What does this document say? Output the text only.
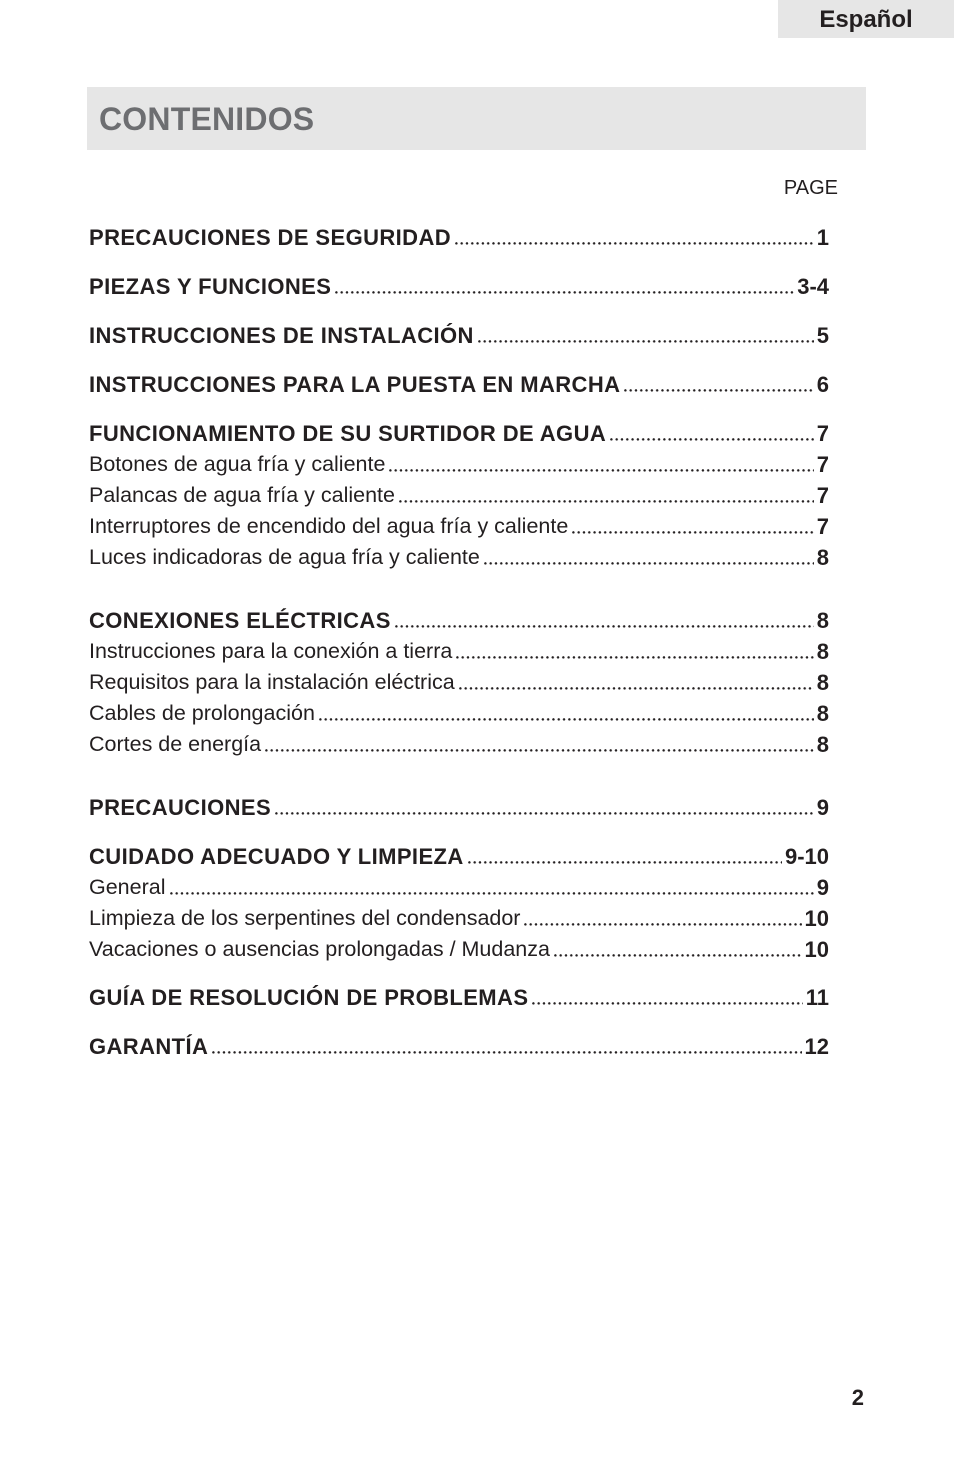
Español
CONTENIDOS
PAGE
PRECAUCIONES DE SEGURIDAD	1
PIEZAS Y FUNCIONES	3-4
INSTRUCCIONES DE INSTALACIÓN	5
INSTRUCCIONES PARA LA PUESTA EN MARCHA	6
FUNCIONAMIENTO DE SU SURTIDOR DE AGUA	7
Botones de agua fría y caliente	7
Palancas de agua fría y caliente	7
Interruptores de encendido del agua fría y caliente	7
Luces indicadoras de agua fría y caliente	8
CONEXIONES ELÉCTRICAS	8
Instrucciones para la conexión a tierra	8
Requisitos para la instalación eléctrica	8
Cables de prolongación	8
Cortes de energía	8
PRECAUCIONES	9
CUIDADO ADECUADO Y LIMPIEZA	9-10
General	9
Limpieza de los serpentines del condensador	10
Vacaciones o ausencias prolongadas / Mudanza	10
GUÍA DE RESOLUCIÓN DE PROBLEMAS	11
GARANTÍA	12
2
